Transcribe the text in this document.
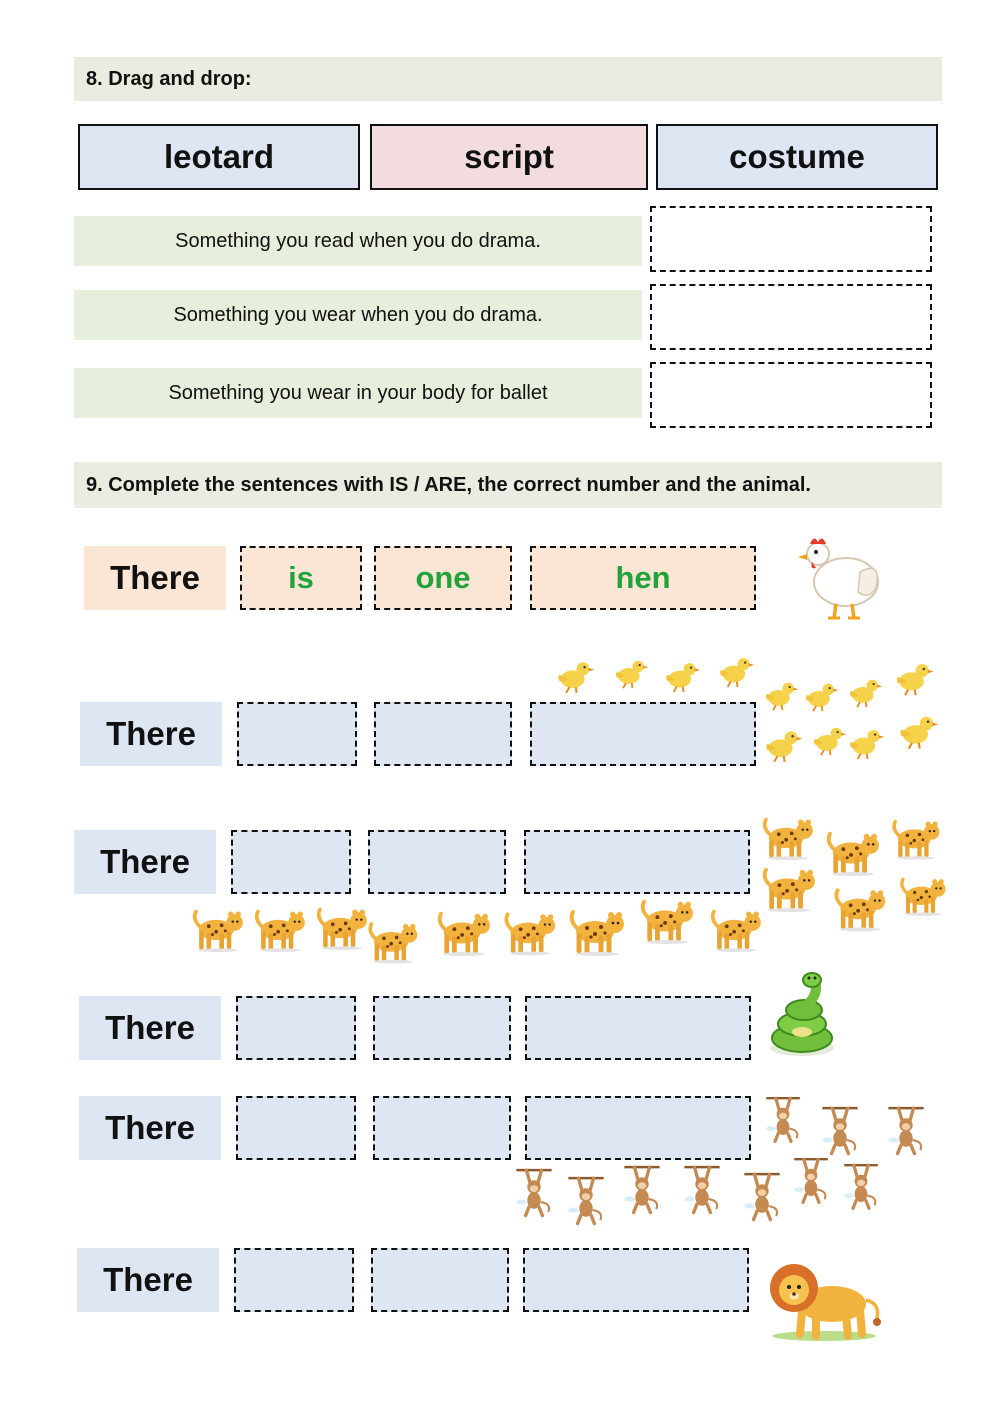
8. Drag and drop:
leotard	script	costume
Something you read when you do drama.
Something you wear when you do drama.
Something you wear in your body for ballet
9. Complete the sentences with IS / ARE, the correct number and the animal.
There	is	one	hen
There
There
There
There
There
